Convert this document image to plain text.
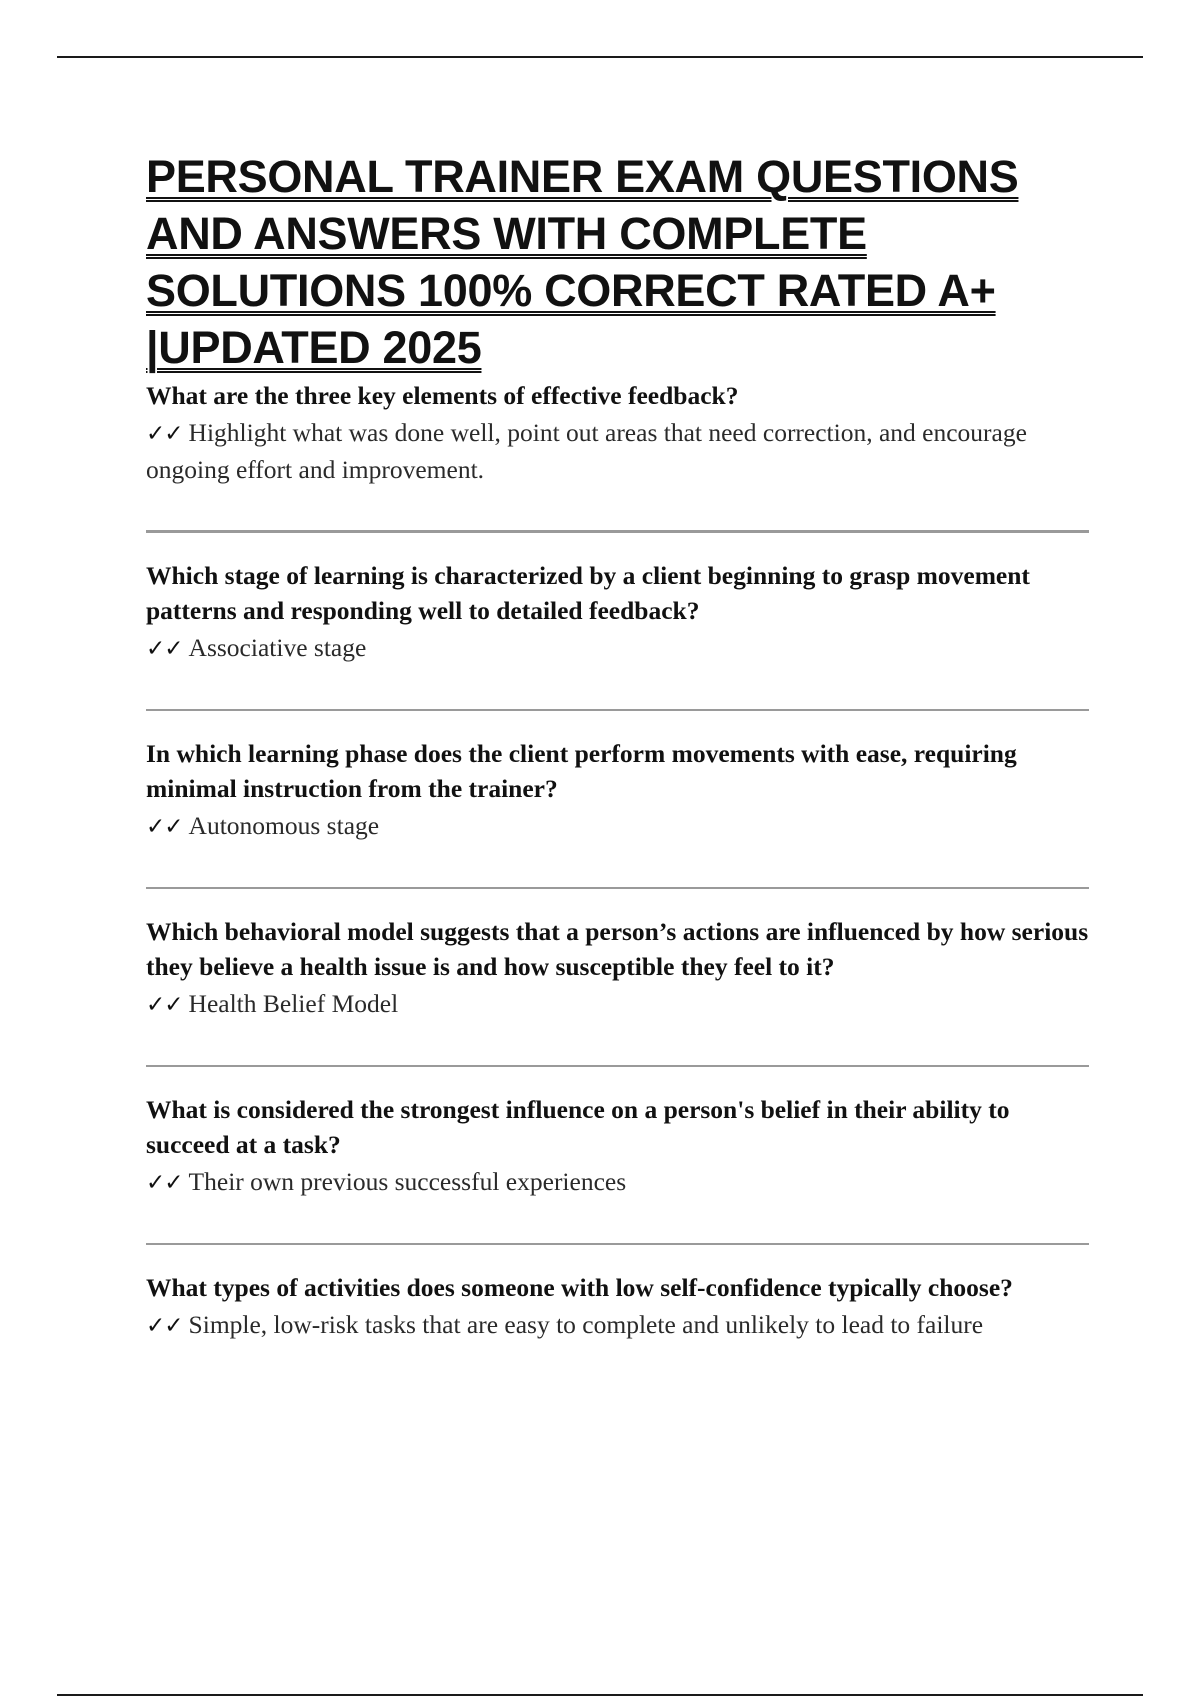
PERSONAL TRAINER EXAM QUESTIONS AND ANSWERS WITH COMPLETE SOLUTIONS 100% CORRECT RATED A+ |UPDATED 2025

What are the three key elements of effective feedback?

✓✓ Highlight what was done well, point out areas that need correction, and encourage ongoing effort and improvement.

Which stage of learning is characterized by a client beginning to grasp movement patterns and responding well to detailed feedback?

✓✓ Associative stage

In which learning phase does the client perform movements with ease, requiring minimal instruction from the trainer?

✓✓ Autonomous stage

Which behavioral model suggests that a person’s actions are influenced by how serious they believe a health issue is and how susceptible they feel to it?

✓✓ Health Belief Model

What is considered the strongest influence on a person's belief in their ability to succeed at a task?

✓✓ Their own previous successful experiences

What types of activities does someone with low self-confidence typically choose?

✓✓ Simple, low-risk tasks that are easy to complete and unlikely to lead to failure
